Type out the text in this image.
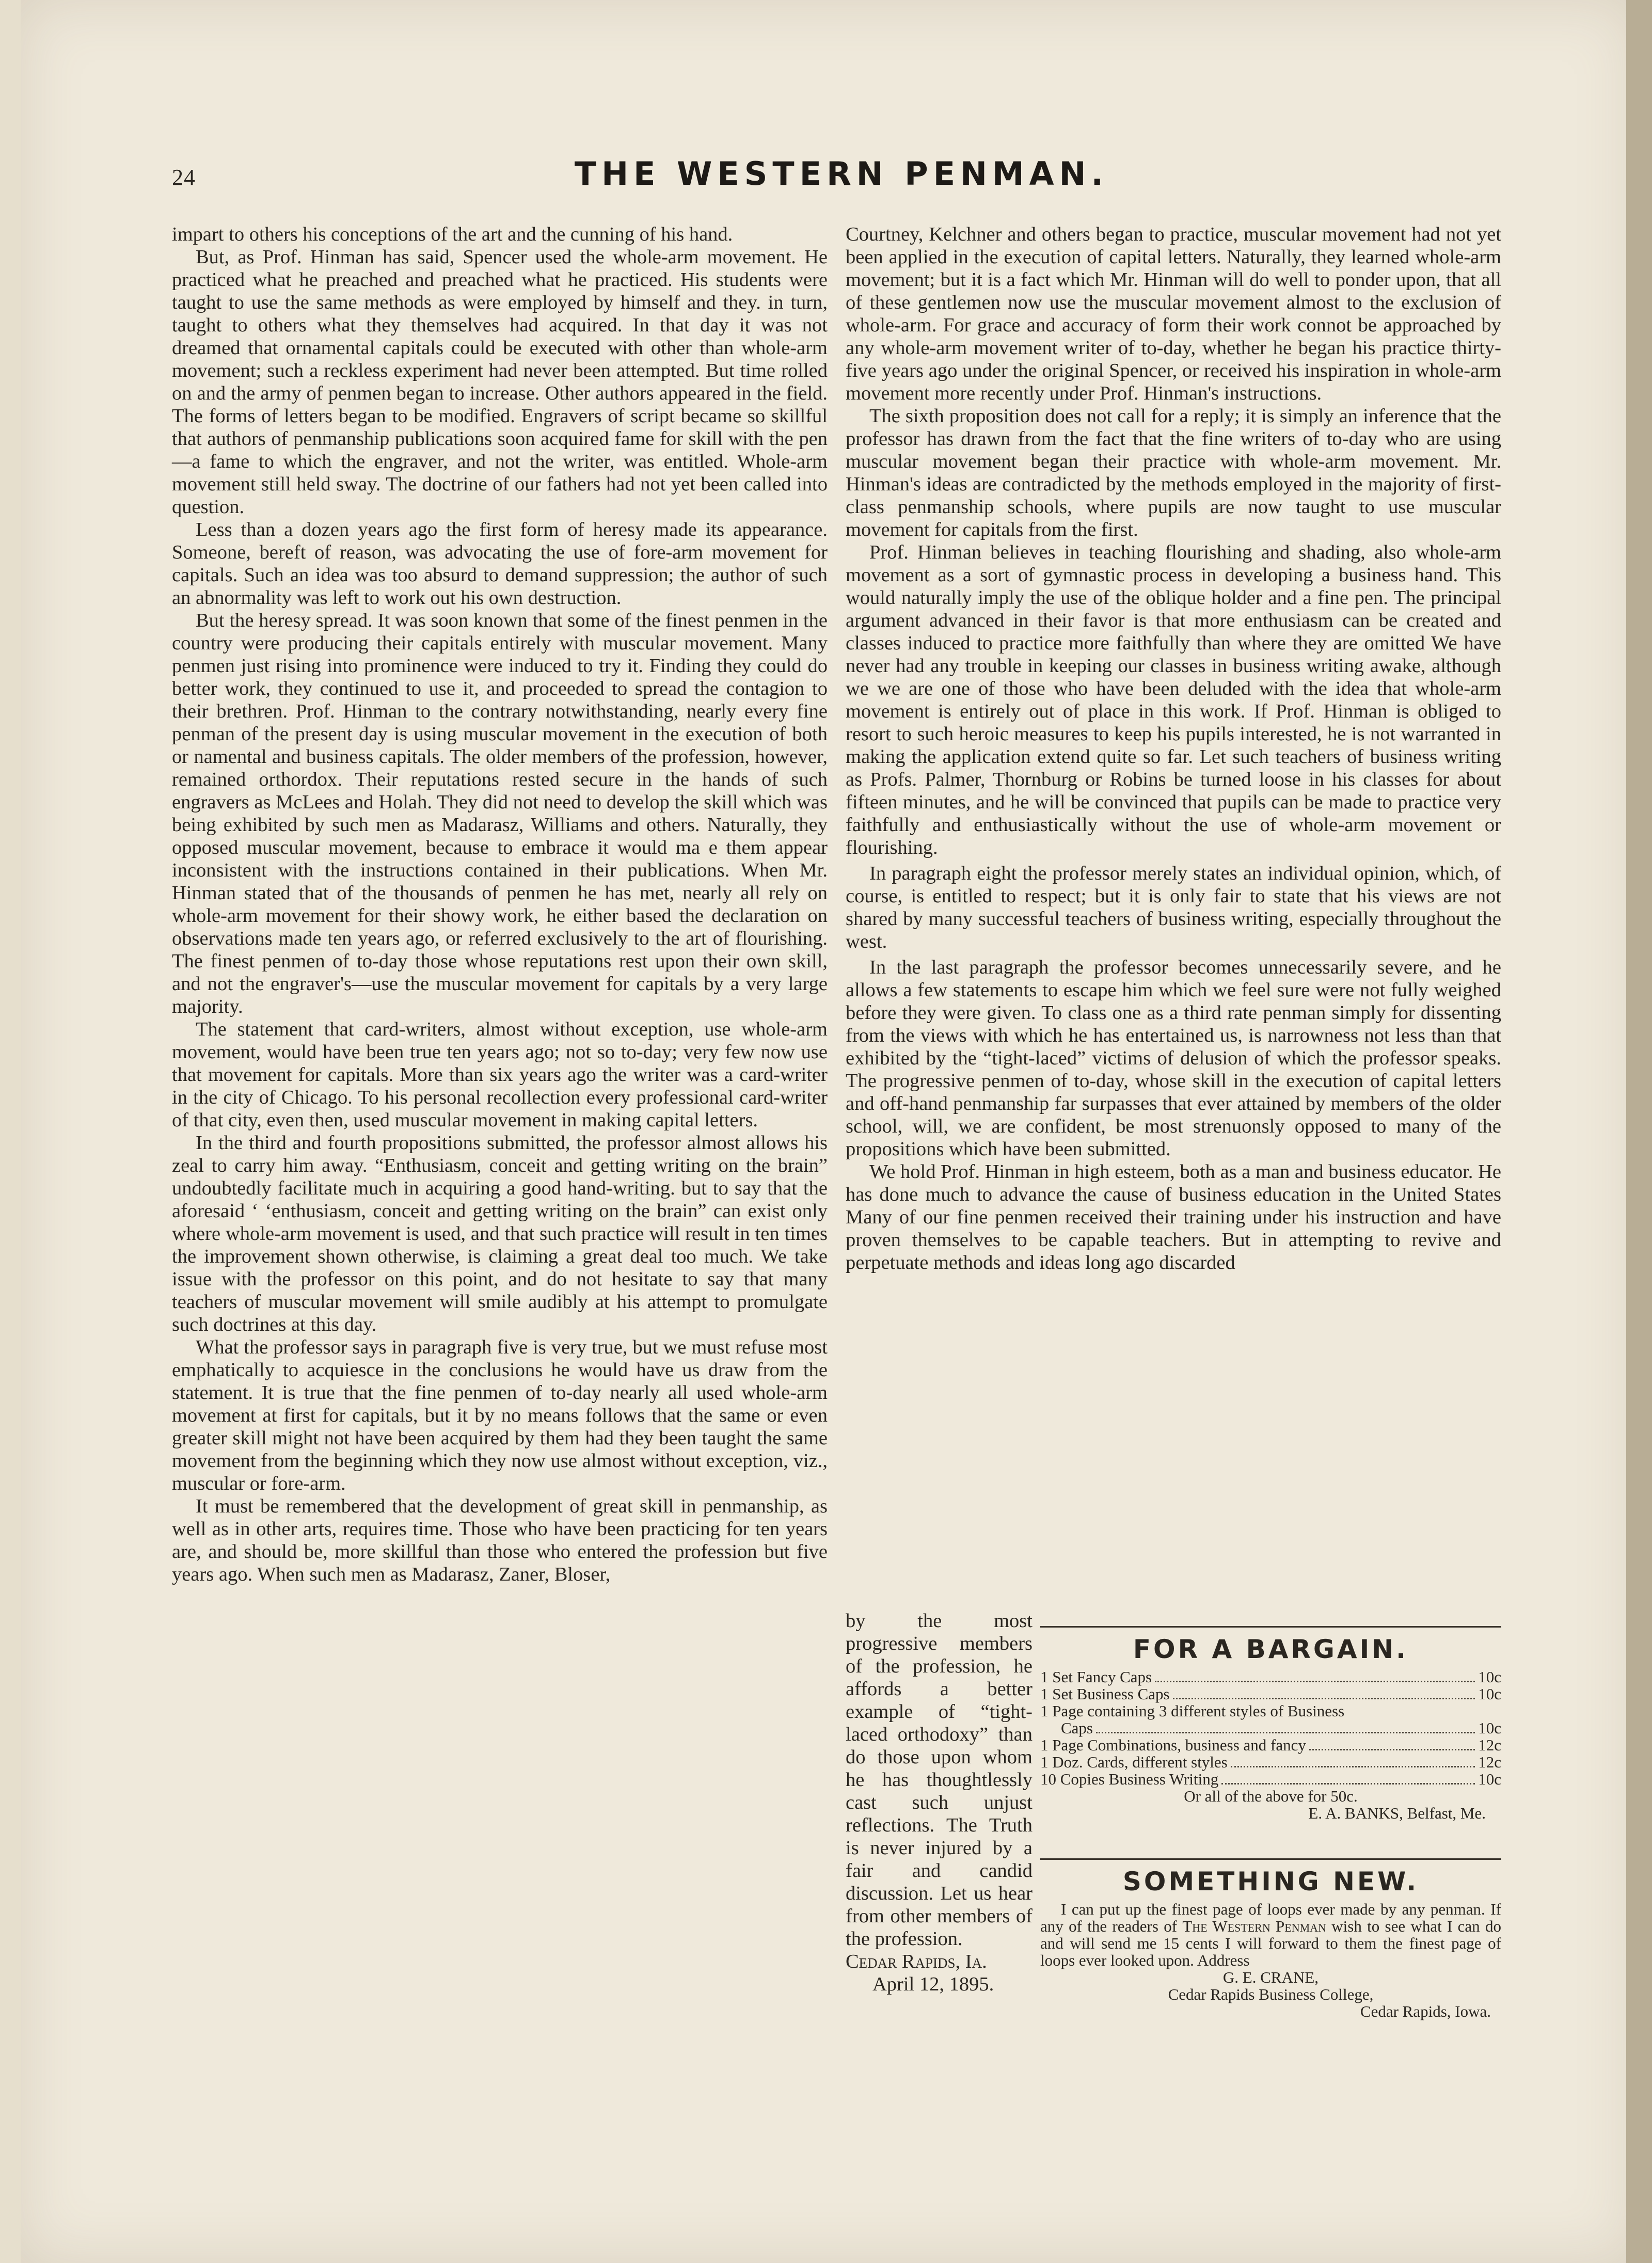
24	THE WESTERN PENMAN.

impart to others his conceptions of the art and the cunning of his hand.

But, as Prof. Hinman has said, Spencer used the whole-arm movement. He practiced what he preached and preached what he practiced. His students were taught to use the same methods as were employed by himself and they. in turn, taught to others what they themselves had acquired. In that day it was not dreamed that ornamental capitals could be executed with other than whole-arm movement; such a reckless experiment had never been attempted. But time rolled on and the army of penmen began to increase. Other authors appeared in the field. The forms of letters began to be modified. Engravers of script became so skillful that authors of penmanship publications soon acquired fame for skill with the pen—a fame to which the engraver, and not the writer, was entitled. Whole-arm movement still held sway. The doctrine of our fathers had not yet been called into question.

Less than a dozen years ago the first form of heresy made its appearance. Someone, bereft of reason, was advocating the use of fore-arm movement for capitals. Such an idea was too absurd to demand suppression; the author of such an abnormality was left to work out his own destruction.

But the heresy spread. It was soon known that some of the finest penmen in the country were producing their capitals entirely with muscular movement. Many penmen just rising into prominence were induced to try it. Finding they could do better work, they continued to use it, and proceeded to spread the contagion to their brethren. Prof. Hinman to the contrary notwithstanding, nearly every fine penman of the present day is using muscular movement in the execution of both or namental and business capitals. The older members of the profession, however, remained orthordox. Their reputations rested secure in the hands of such engravers as McLees and Holah. They did not need to develop the skill which was being exhibited by such men as Madarasz, Williams and others. Naturally, they opposed muscular movement, because to embrace it would ma e them appear inconsistent with the instructions contained in their publications. When Mr. Hinman stated that of the thousands of penmen he has met, nearly all rely on whole-arm movement for their showy work, he either based the declaration on observations made ten years ago, or referred exclusively to the art of flourishing. The finest penmen of to-day those whose reputations rest upon their own skill, and not the engraver's—use the muscular movement for capitals by a very large majority.

The statement that card-writers, almost without exception, use whole-arm movement, would have been true ten years ago; not so to-day; very few now use that movement for capitals. More than six years ago the writer was a card-writer in the city of Chicago. To his personal recollection every professional card-writer of that city, even then, used muscular movement in making capital letters.

In the third and fourth propositions submitted, the professor almost allows his zeal to carry him away. “Enthusiasm, conceit and getting writing on the brain” undoubtedly facilitate much in acquiring a good hand-writing. but to say that the aforesaid ‘ ‘enthusiasm, conceit and getting writing on the brain” can exist only where whole-arm movement is used, and that such practice will result in ten times the improvement shown otherwise, is claiming a great deal too much. We take issue with the professor on this point, and do not hesitate to say that many teachers of muscular movement will smile audibly at his attempt to promulgate such doctrines at this day.

What the professor says in paragraph five is very true, but we must refuse most emphatically to acquiesce in the conclusions he would have us draw from the statement. It is true that the fine penmen of to-day nearly all used whole-arm movement at first for capitals, but it by no means follows that the same or even greater skill might not have been acquired by them had they been taught the same movement from the beginning which they now use almost without exception, viz., muscular or fore-arm.

It must be remembered that the development of great skill in penmanship, as well as in other arts, requires time. Those who have been practicing for ten years are, and should be, more skillful than those who entered the profession but five years ago. When such men as Madarasz, Zaner, Bloser,

Courtney, Kelchner and others began to practice, muscular movement had not yet been applied in the execution of capital letters. Naturally, they learned whole-arm movement; but it is a fact which Mr. Hinman will do well to ponder upon, that all of these gentlemen now use the muscular movement almost to the exclusion of whole-arm. For grace and accuracy of form their work connot be approached by any whole-arm movement writer of to-day, whether he began his practice thirty-five years ago under the original Spencer, or received his inspiration in whole-arm movement more recently under Prof. Hinman's instructions.

The sixth proposition does not call for a reply; it is simply an inference that the professor has drawn from the fact that the fine writers of to-day who are using muscular movement began their practice with whole-arm movement. Mr. Hinman's ideas are contradicted by the methods employed in the majority of first-class penmanship schools, where pupils are now taught to use muscular movement for capitals from the first.

Prof. Hinman believes in teaching flourishing and shading, also whole-arm movement as a sort of gymnastic process in developing a business hand. This would naturally imply the use of the oblique holder and a fine pen. The principal argument advanced in their favor is that more enthusiasm can be created and classes induced to practice more faithfully than where they are omitted We have never had any trouble in keeping our classes in business writing awake, although we we are one of those who have been deluded with the idea that whole-arm movement is entirely out of place in this work. If Prof. Hinman is obliged to resort to such heroic measures to keep his pupils interested, he is not warranted in making the application extend quite so far. Let such teachers of business writing as Profs. Palmer, Thornburg or Robins be turned loose in his classes for about fifteen minutes, and he will be convinced that pupils can be made to practice very faithfully and enthusiastically without the use of whole-arm movement or flourishing.

In paragraph eight the professor merely states an individual opinion, which, of course, is entitled to respect; but it is only fair to state that his views are not shared by many successful teachers of business writing, especially throughout the west.

In the last paragraph the professor becomes unnecessarily severe, and he allows a few statements to escape him which we feel sure were not fully weighed before they were given. To class one as a third rate penman simply for dissenting from the views with which he has entertained us, is narrowness not less than that exhibited by the “tight-laced” victims of delusion of which the professor speaks. The progressive penmen of to-day, whose skill in the execution of capital letters and off-hand penmanship far surpasses that ever attained by members of the older school, will, we are confident, be most strenuonsly opposed to many of the propositions which have been submitted.

We hold Prof. Hinman in high esteem, both as a man and business educator. He has done much to advance the cause of business education in the United States Many of our fine penmen received their training under his instruction and have proven themselves to be capable teachers. But in attempting to revive and perpetuate methods and ideas long ago discarded

by the most progressive members of the profession, he affords a better example of “tight-laced orthodoxy” than do those upon whom he has thoughtlessly cast such unjust reflections. The Truth is never injured by a fair and candid discussion. Let us hear from other members of the profession.

Cedar Rapids, Ia.

April 12, 1895.

FOR A BARGAIN.
1 Set Fancy Caps	10c
1 Set Business Caps	10c
1 Page containing 3 different styles of Business
Caps	10c
1 Page Combinations, business and fancy	12c
1 Doz. Cards, different styles	12c
10 Copies Business Writing	10c
Or all of the above for 50c.
E. A. BANKS, Belfast, Me.
SOMETHING NEW.
I can put up the finest page of loops ever made by any penman. If any of the readers of The Western Penman wish to see what I can do and will send me 15 cents I will forward to them the finest page of loops ever looked upon. Address
G. E. CRANE,
Cedar Rapids Business College,
Cedar Rapids, Iowa.
